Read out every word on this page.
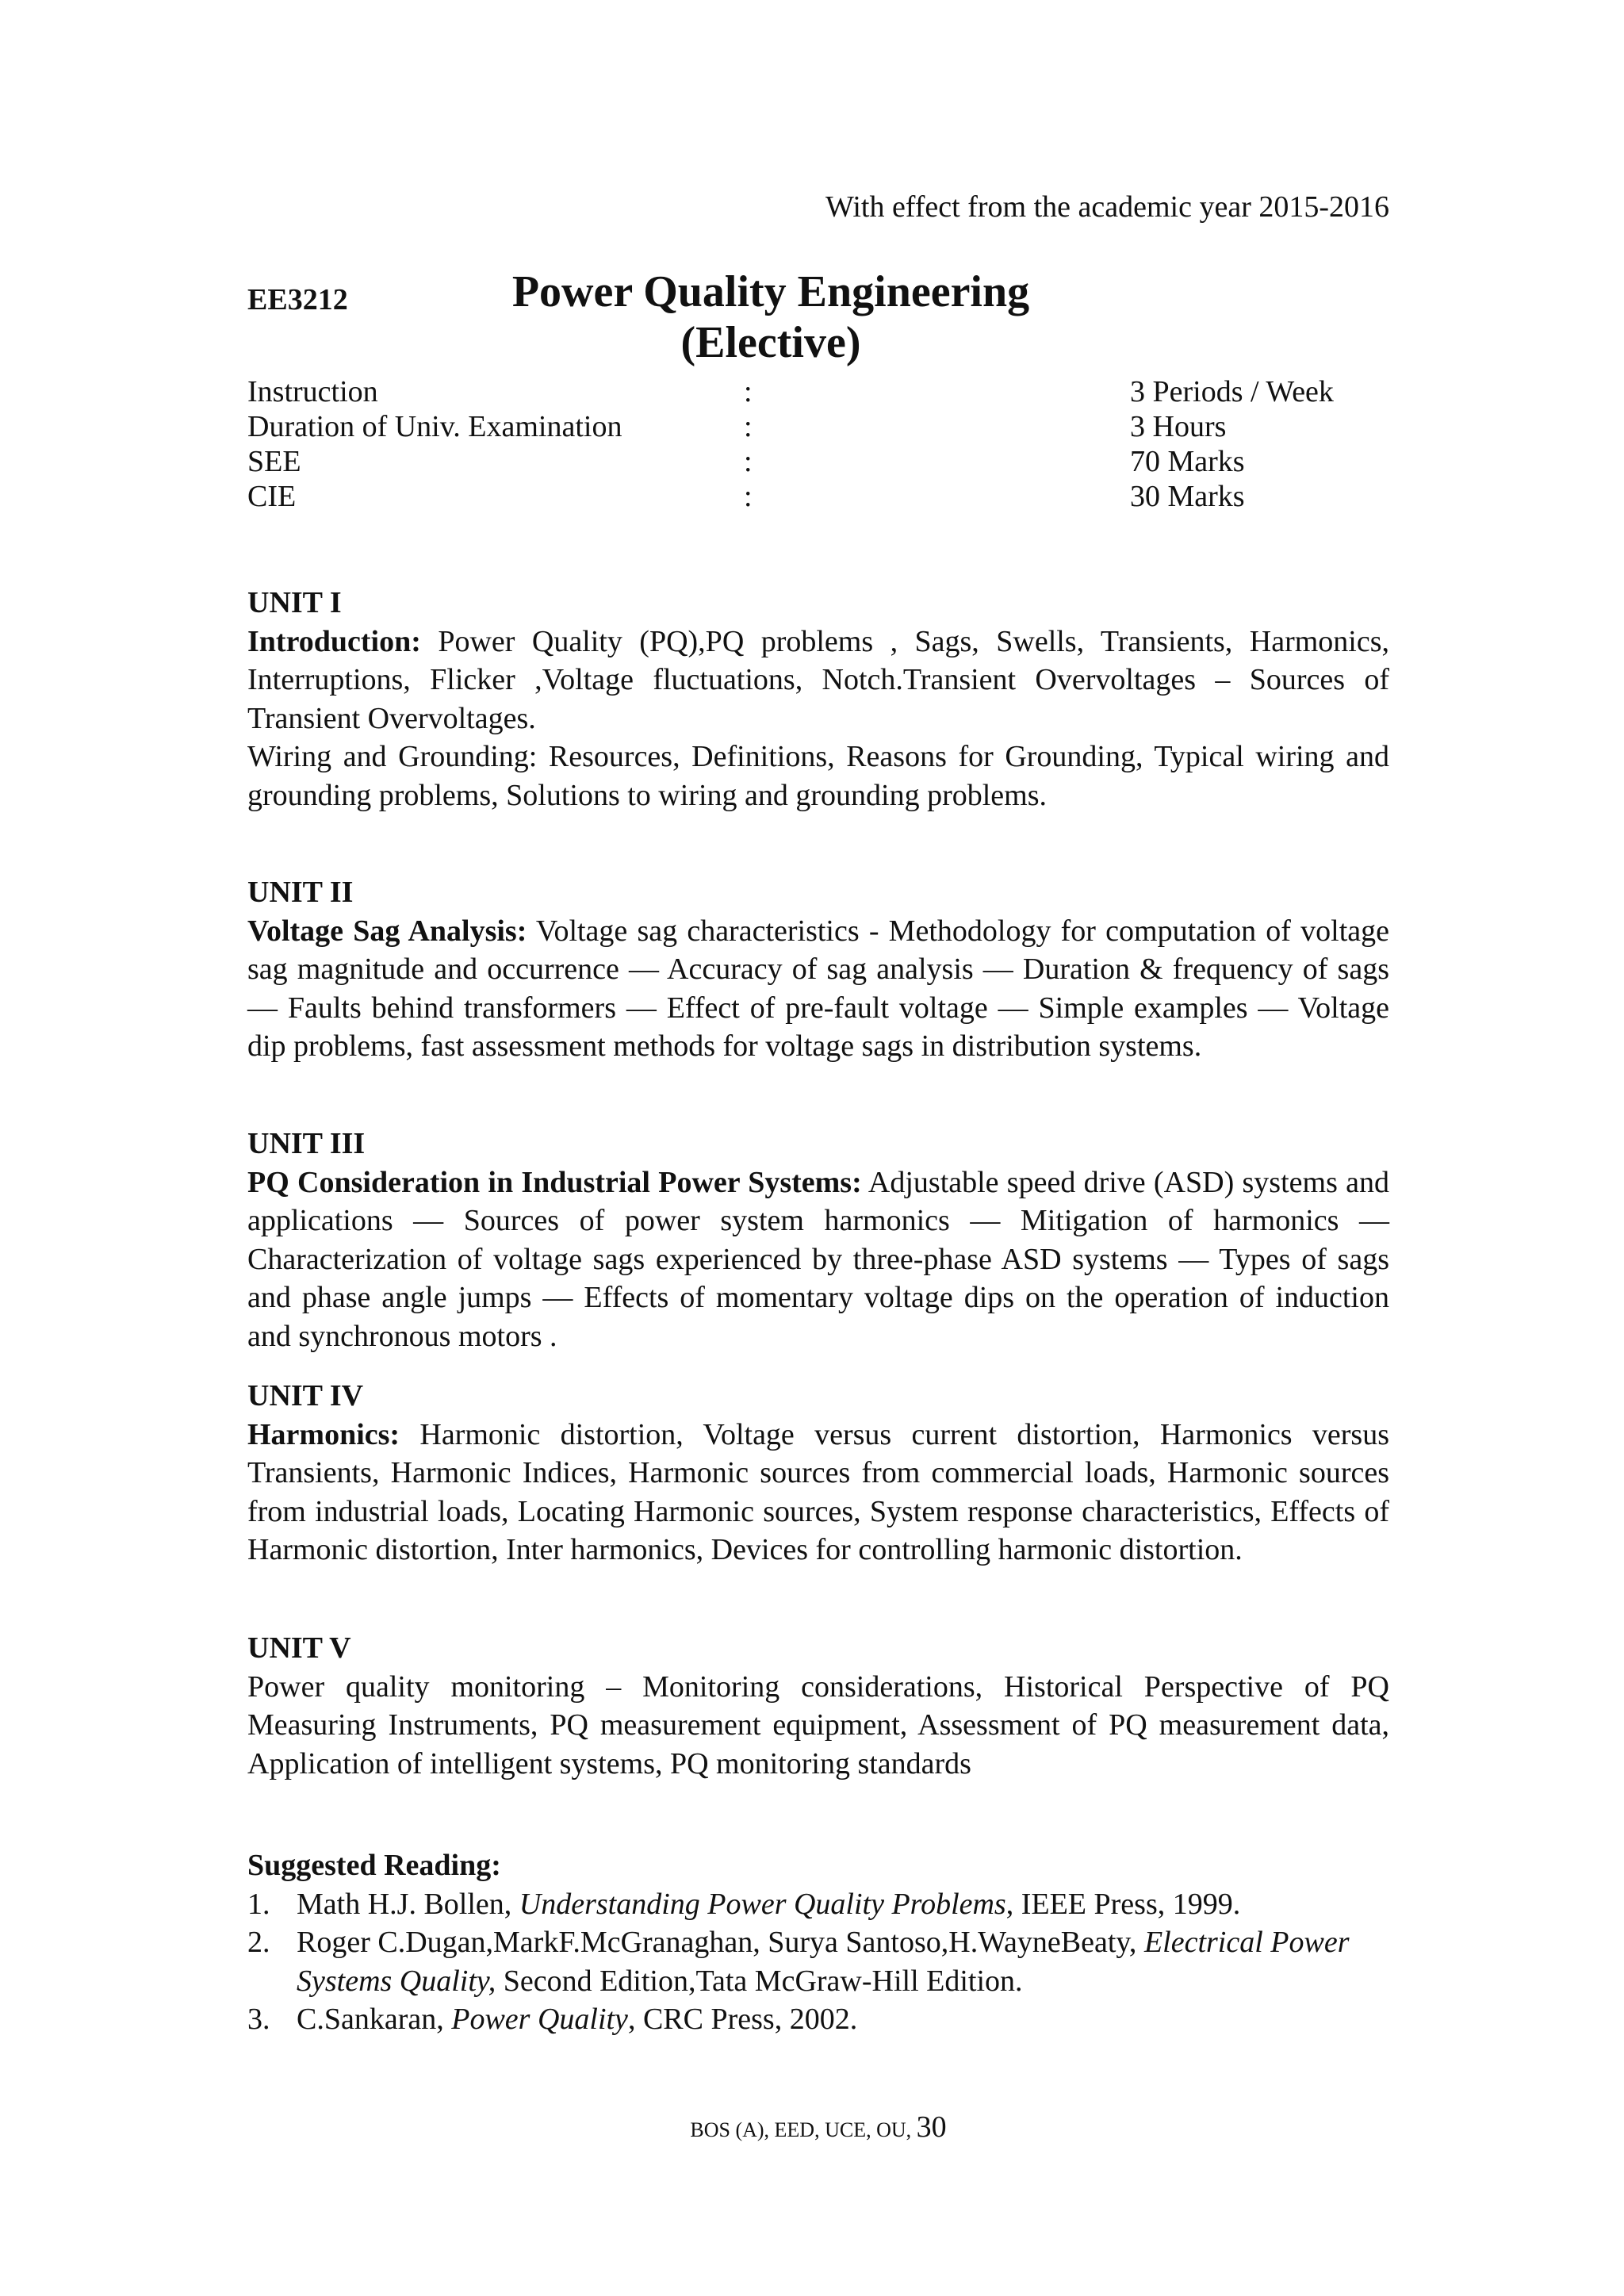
With effect from the academic year 2015-2016
EE3212	Power Quality Engineering
(Elective)
Instruction	:	3 Periods / Week
Duration of Univ. Examination	:	3 Hours
SEE	:	70 Marks
CIE	:	30 Marks
UNIT I

Introduction: Power Quality (PQ),PQ problems , Sags, Swells, Transients, Harmonics, Interruptions, Flicker ,Voltage fluctuations, Notch.Transient Overvoltages – Sources of Transient Overvoltages.

Wiring and Grounding: Resources, Definitions, Reasons for Grounding, Typical wiring and grounding problems, Solutions to wiring and grounding problems.

UNIT II

Voltage Sag Analysis: Voltage sag characteristics - Methodology for computation of voltage sag magnitude and occurrence — Accuracy of sag analysis — Duration & frequency of sags — Faults behind transformers — Effect of pre-fault voltage — Simple examples — Voltage dip problems, fast assessment methods for voltage sags in distribution systems.

UNIT III

PQ Consideration in Industrial Power Systems: Adjustable speed drive (ASD) systems and applications — Sources of power system harmonics — Mitigation of harmonics — Characterization of voltage sags experienced by three-phase ASD systems — Types of sags and phase angle jumps — Effects of momentary voltage dips on the operation of induction and synchronous motors .

UNIT IV

Harmonics: Harmonic distortion, Voltage versus current distortion, Harmonics versus Transients, Harmonic Indices, Harmonic sources from commercial loads, Harmonic sources from industrial loads, Locating Harmonic sources, System response characteristics, Effects of Harmonic distortion, Inter harmonics, Devices for controlling harmonic distortion.

UNIT V

Power quality monitoring – Monitoring considerations, Historical Perspective of PQ Measuring Instruments, PQ measurement equipment, Assessment of PQ measurement data, Application of intelligent systems, PQ monitoring standards

Suggested Reading:
1. Math H.J. Bollen, Understanding Power Quality Problems, IEEE Press, 1999.
2. Roger C.Dugan,MarkF.McGranaghan, Surya Santoso,H.WayneBeaty, Electrical Power Systems Quality, Second Edition,Tata McGraw-Hill Edition.
3. C.Sankaran, Power Quality, CRC Press, 2002.
BOS (A), EED, UCE, OU, 30
